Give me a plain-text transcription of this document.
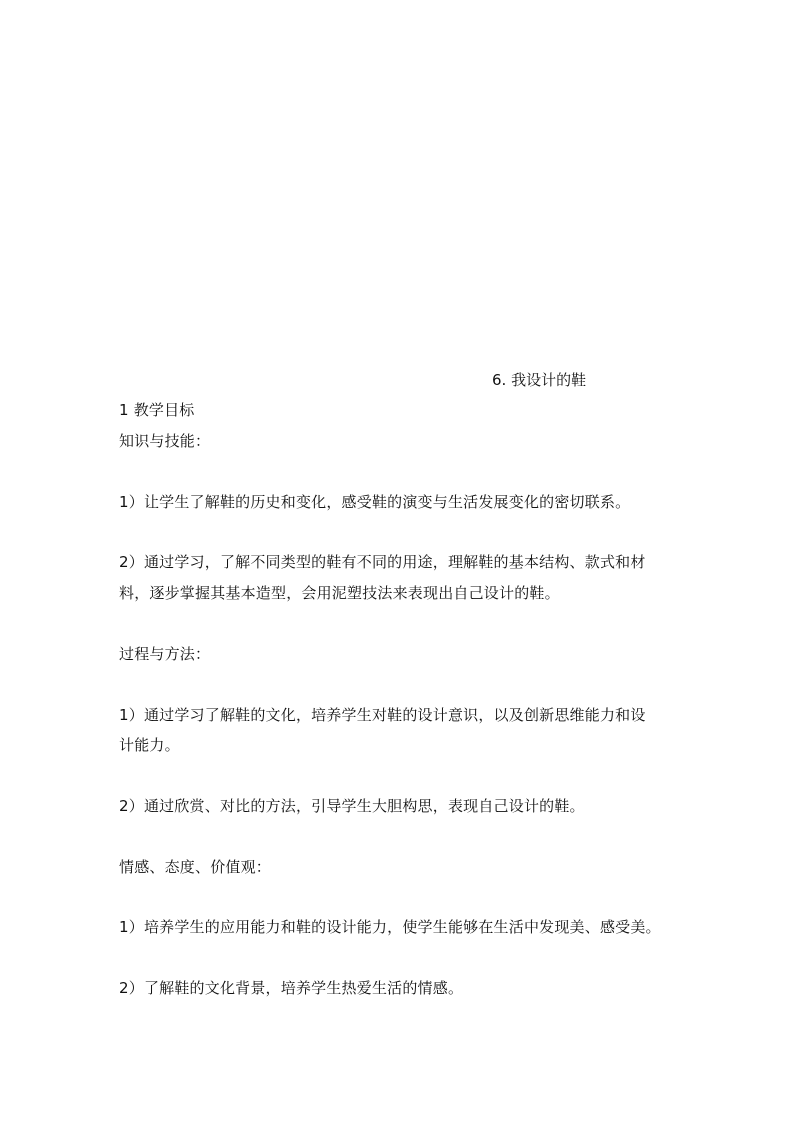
6. 我设计的鞋
1 教学目标
知识与技能：
1）让学生了解鞋的历史和变化，感受鞋的演变与生活发展变化的密切联系。
2）通过学习，了解不同类型的鞋有不同的用途，理解鞋的基本结构、款式和材
料，逐步掌握其基本造型，会用泥塑技法来表现出自己设计的鞋。
过程与方法：
1）通过学习了解鞋的文化，培养学生对鞋的设计意识，以及创新思维能力和设
计能力。
2）通过欣赏、对比的方法，引导学生大胆构思，表现自己设计的鞋。
情感、态度、价值观：
1）培养学生的应用能力和鞋的设计能力，使学生能够在生活中发现美、感受美。
2）了解鞋的文化背景，培养学生热爱生活的情感。
